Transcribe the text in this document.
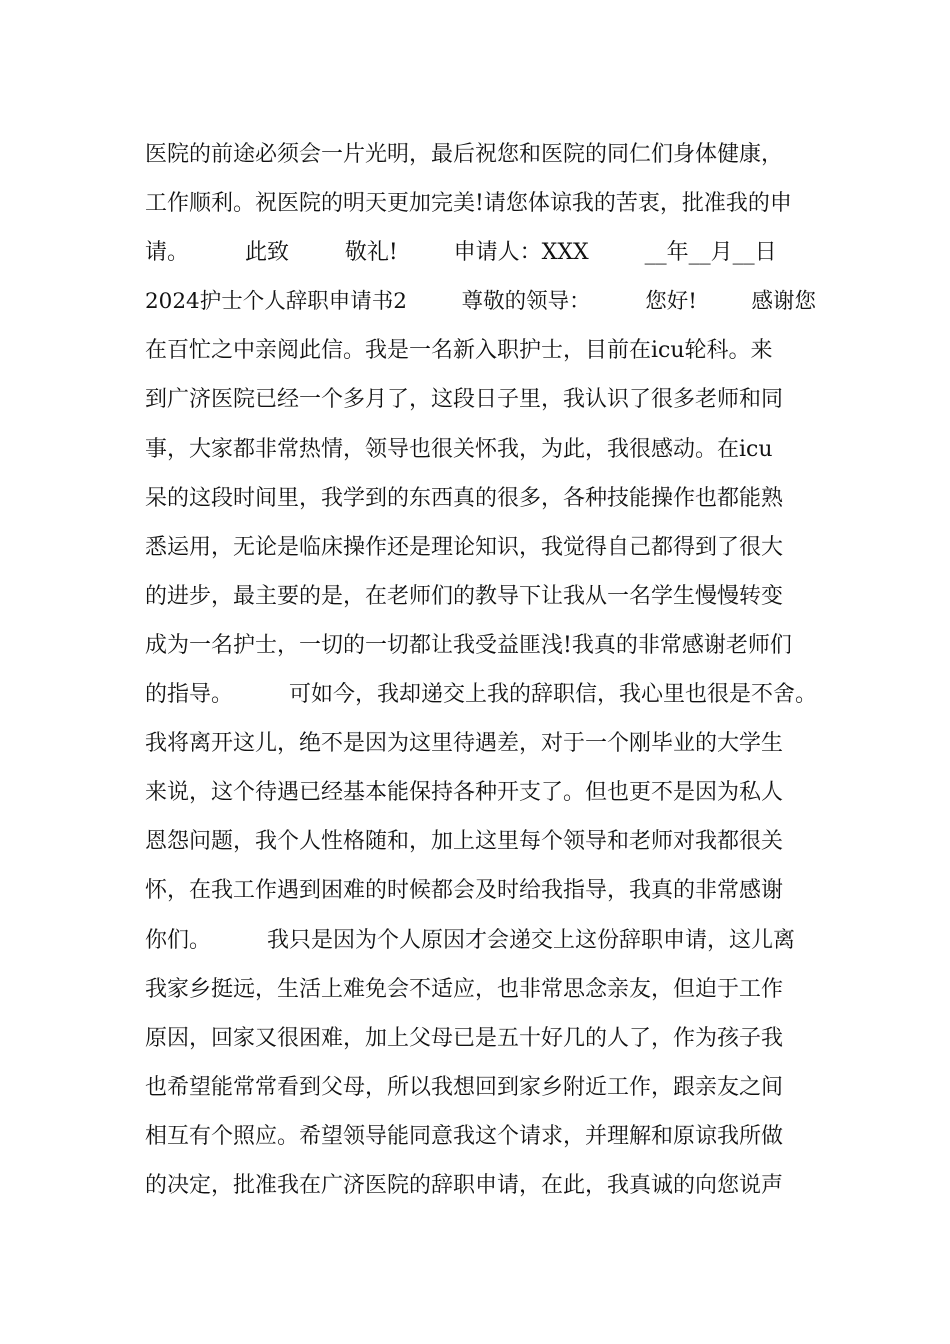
医院的前途必须会一片光明，最后祝您和医院的同仁们身体健康，
工作顺利。祝医院的明天更加完美!请您体谅我的苦衷，批准我的申
请。        此致        敬礼!        申请人：XXX        __年__月__日
2024护士个人辞职申请书2        尊敬的领导：        您好!        感谢您
在百忙之中亲阅此信。我是一名新入职护士，目前在icu轮科。来
到广济医院已经一个多月了，这段日子里，我认识了很多老师和同
事，大家都非常热情，领导也很关怀我，为此，我很感动。在icu
呆的这段时间里，我学到的东西真的很多，各种技能操作也都能熟
悉运用，无论是临床操作还是理论知识，我觉得自己都得到了很大
的进步，最主要的是，在老师们的教导下让我从一名学生慢慢转变
成为一名护士，一切的一切都让我受益匪浅!我真的非常感谢老师们
的指导。        可如今，我却递交上我的辞职信，我心里也很是不舍。
我将离开这儿，绝不是因为这里待遇差，对于一个刚毕业的大学生
来说，这个待遇已经基本能保持各种开支了。但也更不是因为私人
恩怨问题，我个人性格随和，加上这里每个领导和老师对我都很关
怀，在我工作遇到困难的时候都会及时给我指导，我真的非常感谢
你们。        我只是因为个人原因才会递交上这份辞职申请，这儿离
我家乡挺远，生活上难免会不适应，也非常思念亲友，但迫于工作
原因，回家又很困难，加上父母已是五十好几的人了，作为孩子我
也希望能常常看到父母，所以我想回到家乡附近工作，跟亲友之间
相互有个照应。希望领导能同意我这个请求，并理解和原谅我所做
的决定，批准我在广济医院的辞职申请，在此，我真诚的向您说声
